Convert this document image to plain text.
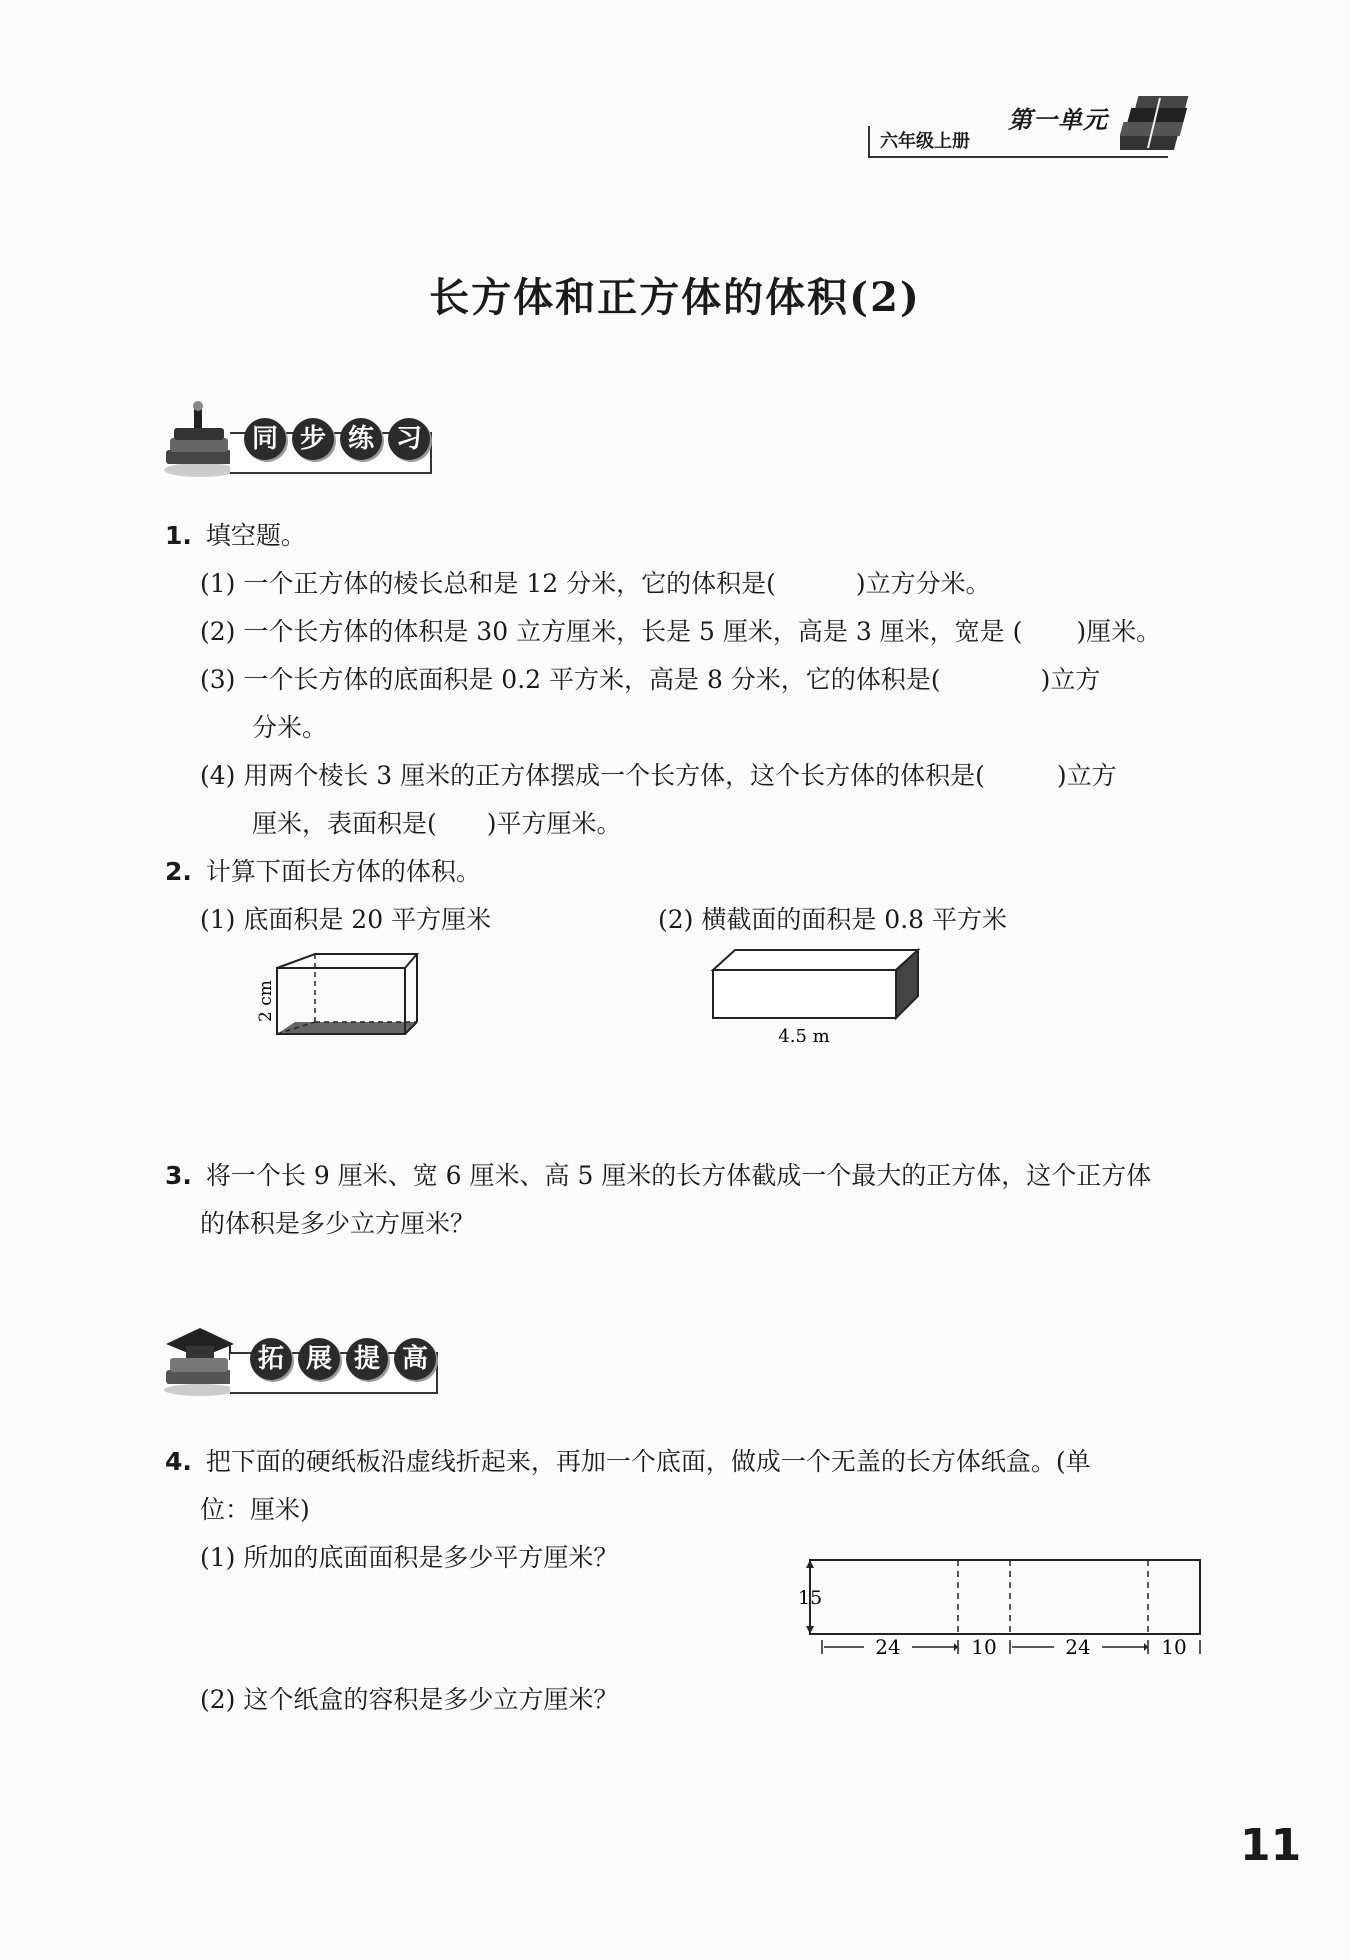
六年级上册
第一单元
长方体和正方体的体积(2)
同 步 练 习
1. 填空题。
(1) 一个正方体的棱长总和是 12 分米，它的体积是(	)立方分米。
(2) 一个长方体的体积是 30 立方厘米，长是 5 厘米，高是 3 厘米，宽是 ( )厘米。
(3) 一个长方体的底面积是 0.2 平方米，高是 8 分米，它的体积是(	)立方
分米。
(4) 用两个棱长 3 厘米的正方体摆成一个长方体，这个长方体的体积是(	)立方
厘米，表面积是( )平方厘米。
2. 计算下面长方体的体积。
(1) 底面积是 20 平方厘米	(2) 横截面的面积是 0.8 平方米
2 cm
4.5 m
3. 将一个长 9 厘米、宽 6 厘米、高 5 厘米的长方体截成一个最大的正方体，这个正方体
的体积是多少立方厘米？
拓 展 提 高
4. 把下面的硬纸板沿虚线折起来，再加一个底面，做成一个无盖的长方体纸盒。(单
位：厘米)
(1) 所加的底面面积是多少平方厘米？
(2) 这个纸盒的容积是多少立方厘米？
15
24	10	24	10
11
